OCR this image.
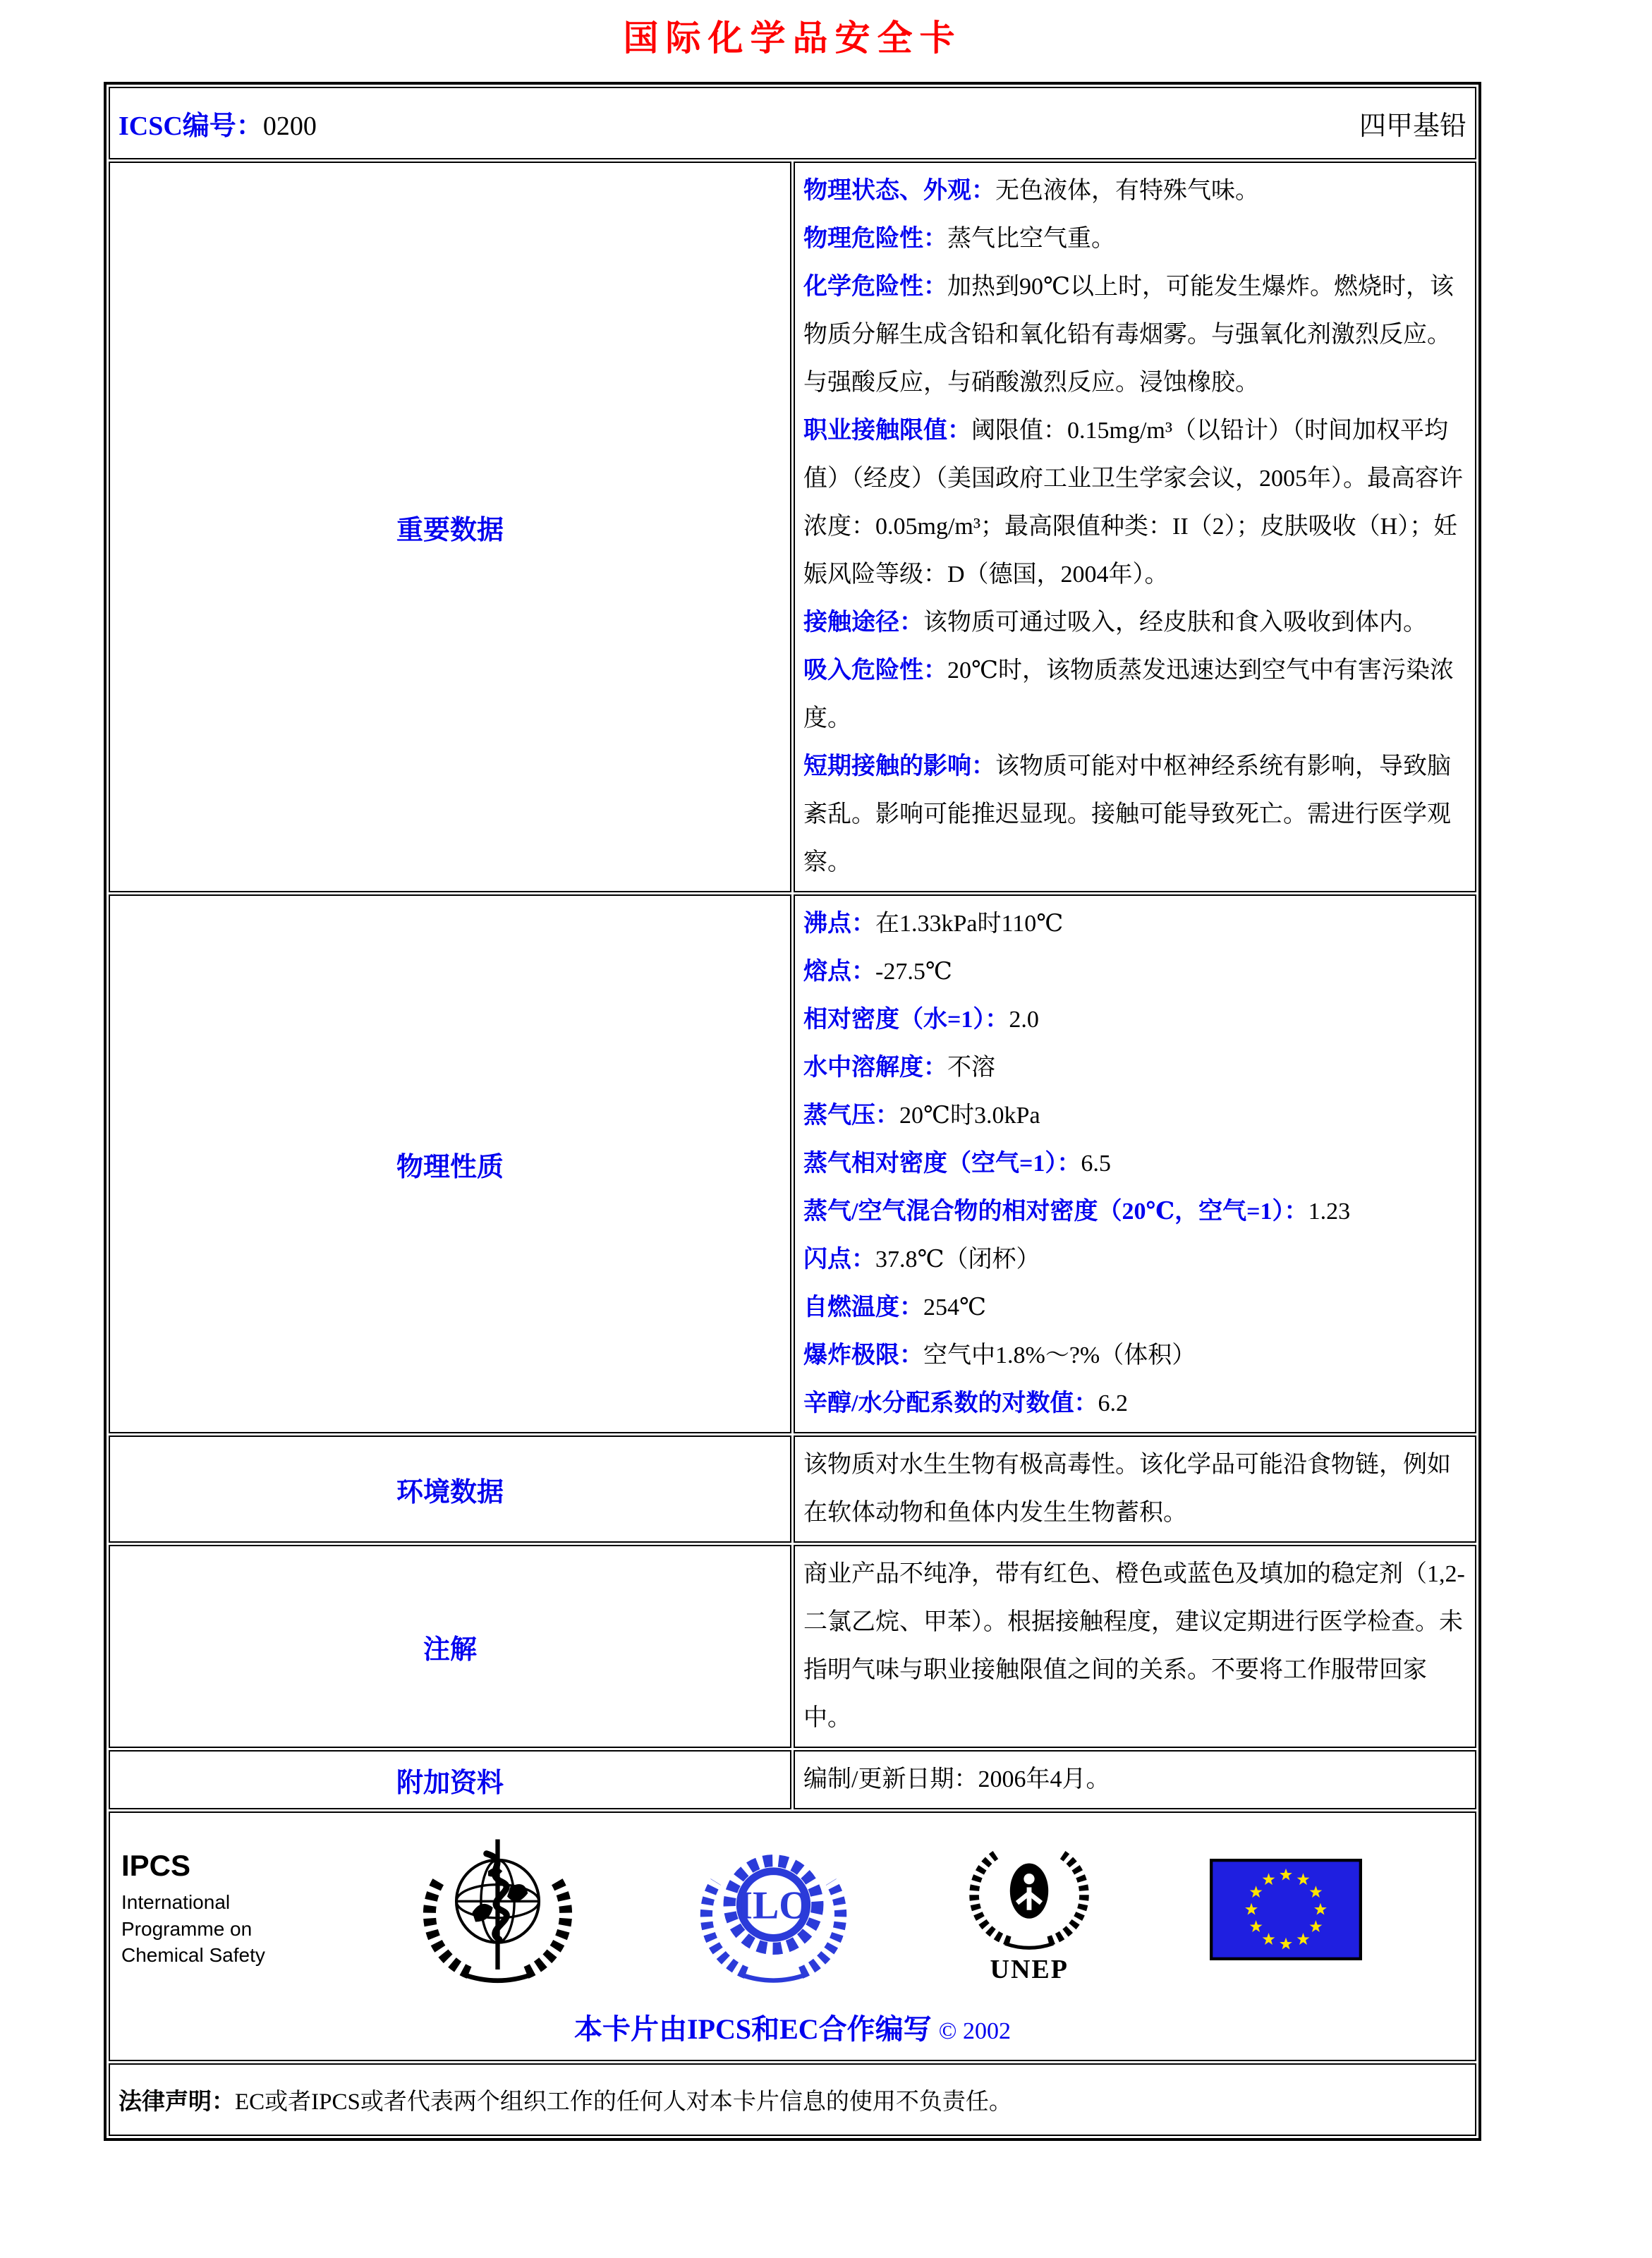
国际化学品安全卡
ICSC编号：0200 四甲基铅	

重要数据	

物理状态、外观：无色液体，有特殊气味。

物理危险性：蒸气比空气重。

化学危险性：加热到90℃以上时，可能发生爆炸。燃烧时，该物质分解生成含铅和氧化铅有毒烟雾。与强氧化剂激烈反应。与强酸反应，与硝酸激烈反应。浸蚀橡胶。

职业接触限值：阈限值：0.15mg/m³（以铅计）（时间加权平均值）（经皮）（美国政府工业卫生学家会议，2005年）。最高容许浓度：0.05mg/m³；最高限值种类：II（2）；皮肤吸收（H）；妊娠风险等级：D（德国，2004年）。

接触途径：该物质可通过吸入，经皮肤和食入吸收到体内。

吸入危险性：20℃时，该物质蒸发迅速达到空气中有害污染浓度。

短期接触的影响：该物质可能对中枢神经系统有影响，导致脑紊乱。影响可能推迟显现。接触可能导致死亡。需进行医学观察。

物理性质	

沸点：在1.33kPa时110℃

熔点：-27.5℃

相对密度（水=1）：2.0

水中溶解度：不溶

蒸气压：20℃时3.0kPa

蒸气相对密度（空气=1）：6.5

蒸气/空气混合物的相对密度（20℃，空气=1）：1.23

闪点：37.8℃（闭杯）

自燃温度：254℃

爆炸极限：空气中1.8%～?%（体积）

辛醇/水分配系数的对数值：6.2

环境数据	该物质对水生生物有极高毒性。该化学品可能沿食物链，例如在软体动物和鱼体内发生生物蓄积。

注解	商业产品不纯净，带有红色、橙色或蓝色及填加的稳定剂（1,2-二氯乙烷、甲苯）。根据接触程度，建议定期进行医学检查。未指明气味与职业接触限值之间的关系。不要将工作服带回家中。

附加资料	编制/更新日期：2006年4月。

IPCS
International
Programme on
Chemical Safety
ILO
UNEP
本卡片由IPCS和EC合作编写 © 2002

法律声明：EC或者IPCS或者代表两个组织工作的任何人对本卡片信息的使用不负责任。	
